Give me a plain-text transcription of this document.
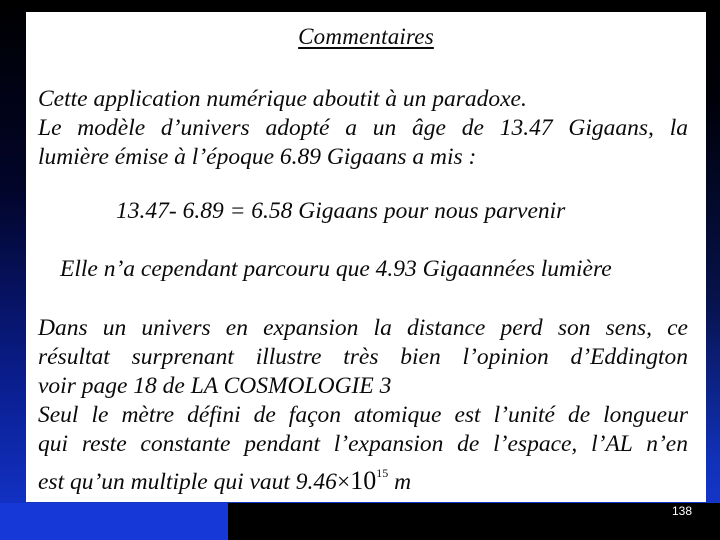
Commentaires
Cette application numérique aboutit à un paradoxe.
Le modèle d’univers adopté a un âge de 13.47 Gigaans, la
lumière émise à l’époque 6.89 Gigaans a mis :
13.47- 6.89 = 6.58 Gigaans pour nous parvenir
Elle n’a cependant parcouru que 4.93 Gigaannées lumière
Dans un univers en expansion la distance perd son sens, ce
résultat surprenant illustre très bien l’opinion d’Eddington
voir page 18 de LA COSMOLOGIE 3
Seul le mètre défini de façon atomique est l’unité de longueur
qui reste constante pendant l’expansion de l’espace, l’AL n’en
est qu’un multiple qui vaut $9.46\times 10^{15}$ m
138
